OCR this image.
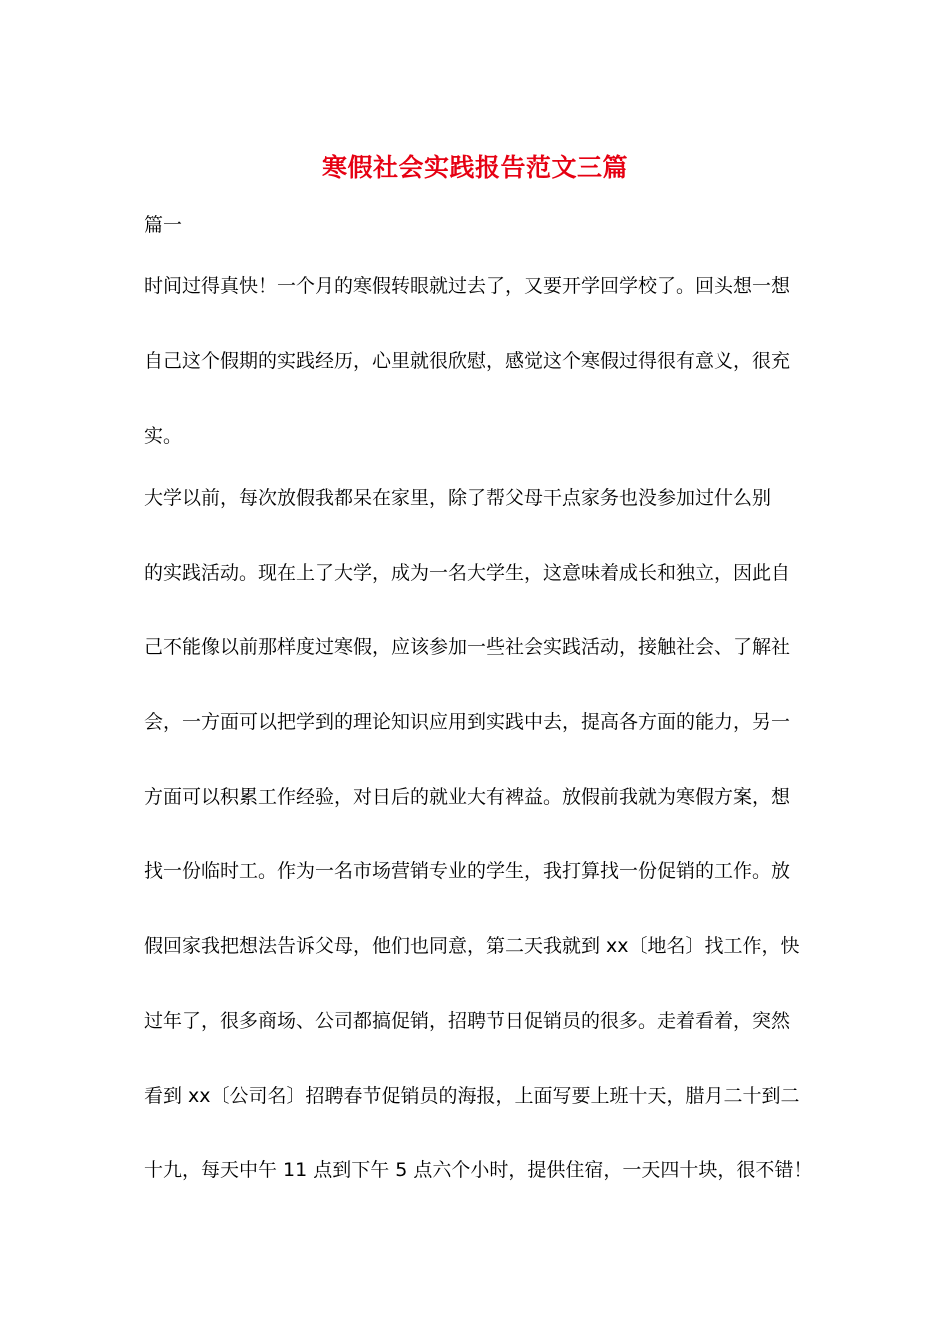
寒假社会实践报告范文三篇
篇一
时间过得真快！一个月的寒假转眼就过去了，又要开学回学校了。回头想一想
自己这个假期的实践经历，心里就很欣慰，感觉这个寒假过得很有意义，很充
实。
大学以前，每次放假我都呆在家里，除了帮父母干点家务也没参加过什么别
的实践活动。现在上了大学，成为一名大学生，这意味着成长和独立，因此自
己不能像以前那样度过寒假，应该参加一些社会实践活动，接触社会、了解社
会，一方面可以把学到的理论知识应用到实践中去，提高各方面的能力，另一
方面可以积累工作经验，对日后的就业大有裨益。放假前我就为寒假方案，想
找一份临时工。作为一名市场营销专业的学生，我打算找一份促销的工作。放
假回家我把想法告诉父母，他们也同意，第二天我就到 xx〔地名〕找工作，快
过年了，很多商场、公司都搞促销，招聘节日促销员的很多。走着看着，突然
看到 xx〔公司名〕招聘春节促销员的海报，上面写要上班十天，腊月二十到二
十九，每天中午 11 点到下午 5 点六个小时，提供住宿，一天四十块，很不错！
